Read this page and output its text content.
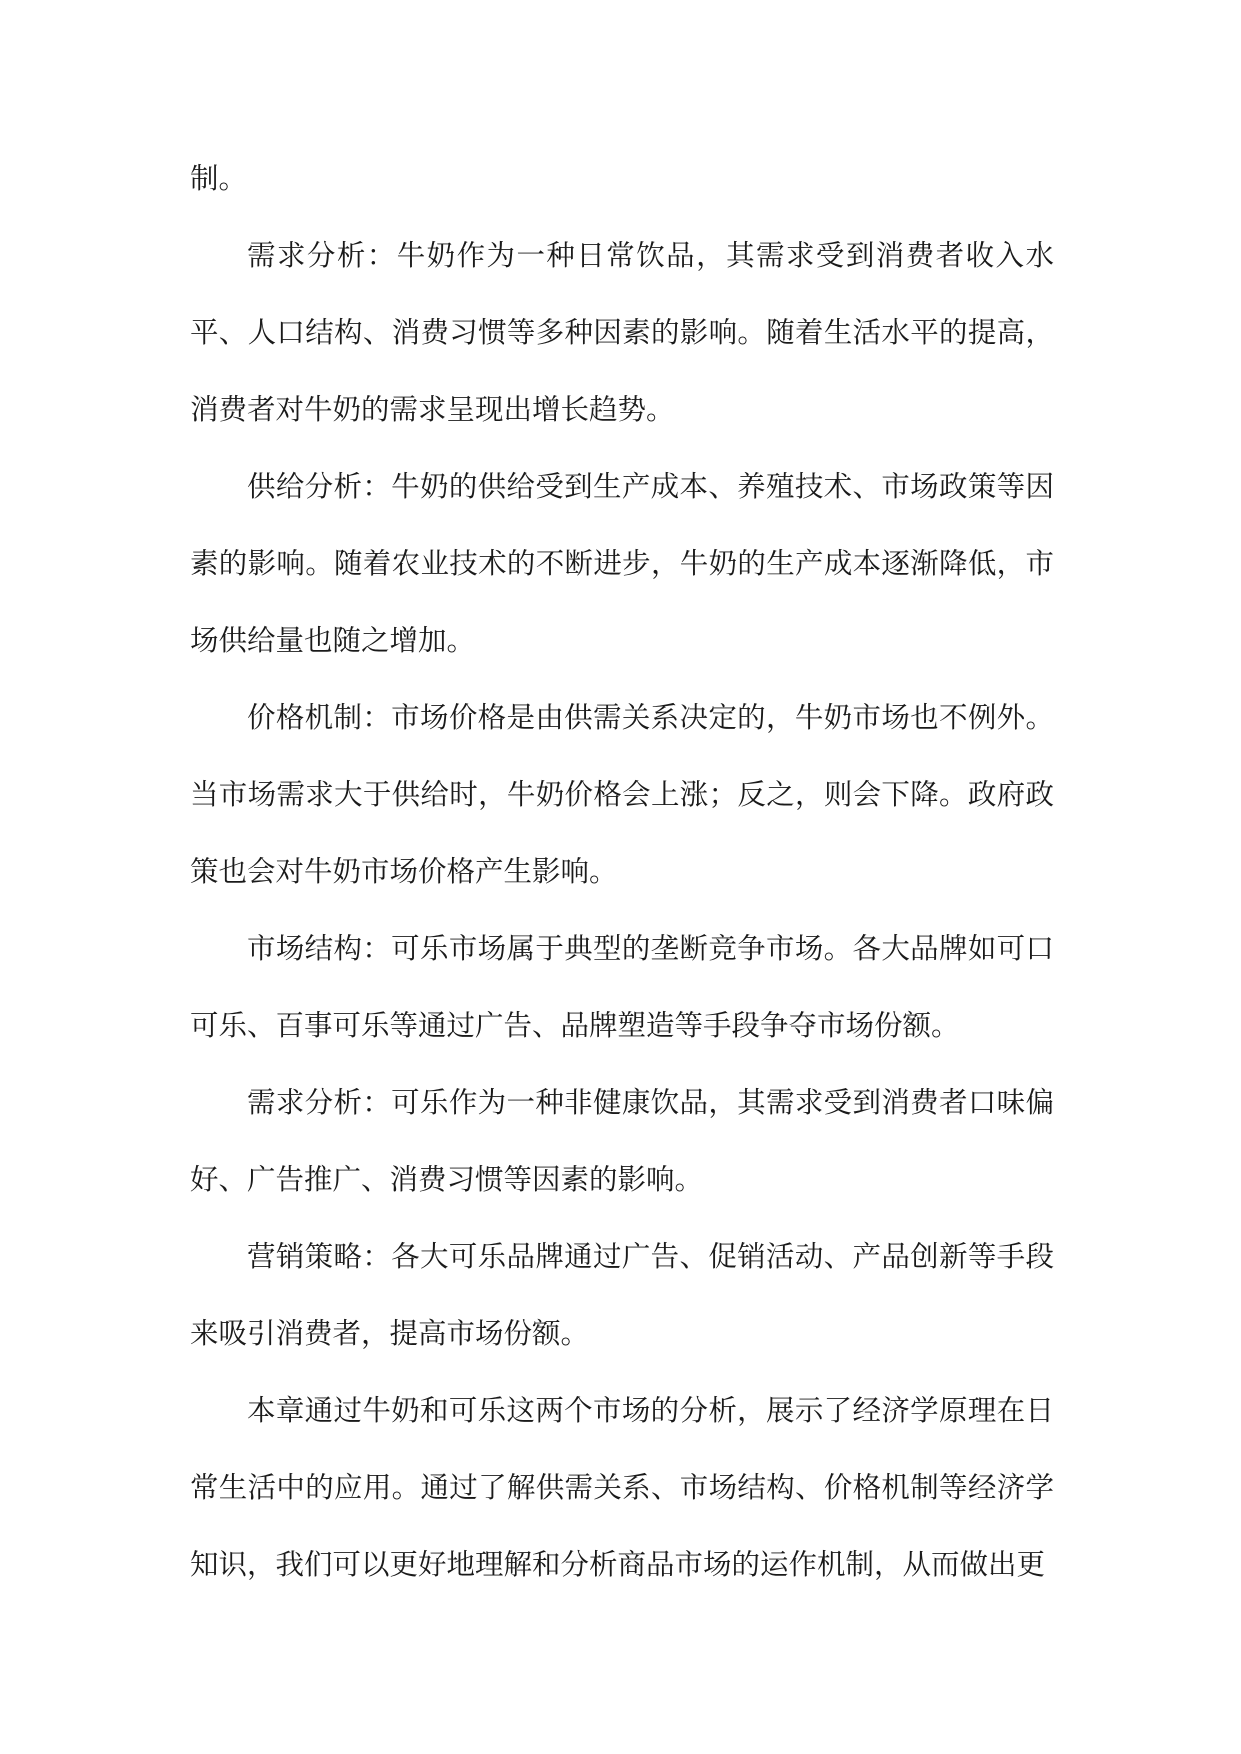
制。

需求分析：牛奶作为一种日常饮品，其需求受到消费者收入水平、人口结构、消费习惯等多种因素的影响。随着生活水平的提高，消费者对牛奶的需求呈现出增长趋势。

供给分析：牛奶的供给受到生产成本、养殖技术、市场政策等因素的影响。随着农业技术的不断进步，牛奶的生产成本逐渐降低，市场供给量也随之增加。

价格机制：市场价格是由供需关系决定的，牛奶市场也不例外。当市场需求大于供给时，牛奶价格会上涨；反之，则会下降。政府政策也会对牛奶市场价格产生影响。

市场结构：可乐市场属于典型的垄断竞争市场。各大品牌如可口可乐、百事可乐等通过广告、品牌塑造等手段争夺市场份额。

需求分析：可乐作为一种非健康饮品，其需求受到消费者口味偏好、广告推广、消费习惯等因素的影响。

营销策略：各大可乐品牌通过广告、促销活动、产品创新等手段来吸引消费者，提高市场份额。

本章通过牛奶和可乐这两个市场的分析，展示了经济学原理在日常生活中的应用。通过了解供需关系、市场结构、价格机制等经济学知识，我们可以更好地理解和分析商品市场的运作机制，从而做出更
